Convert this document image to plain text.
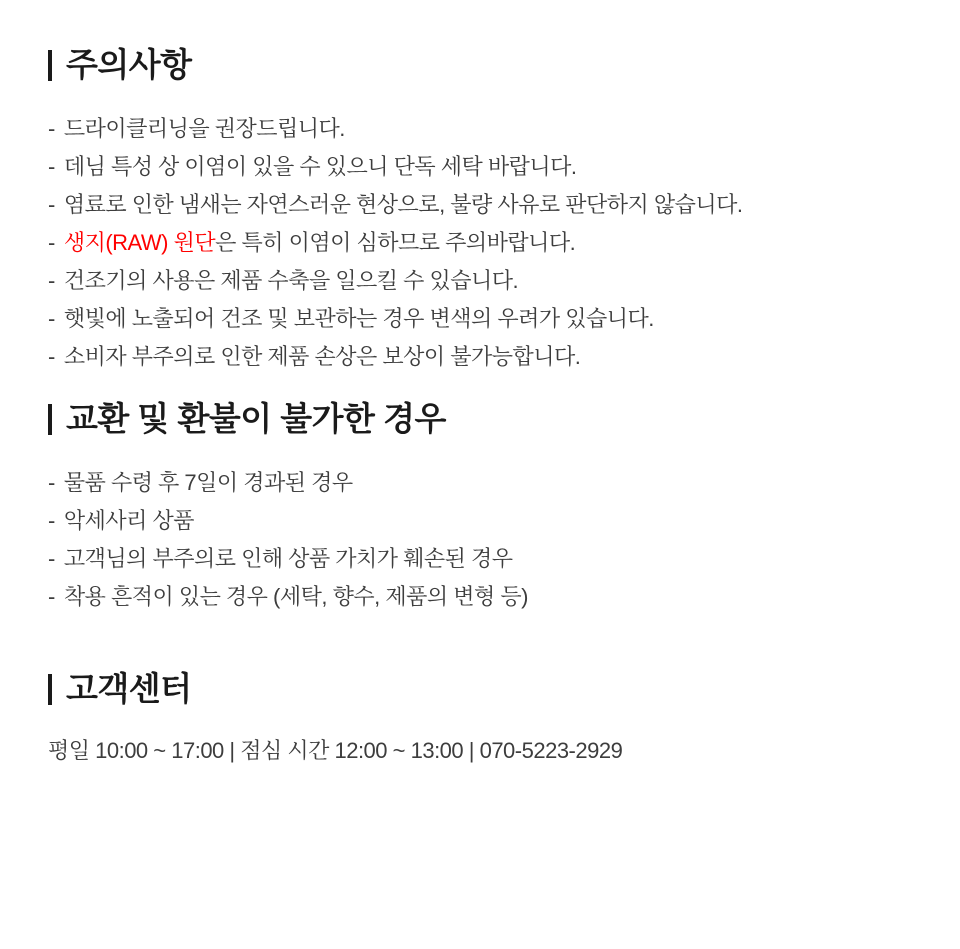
주의사항
- 드라이클리닝을 권장드립니다.
- 데님 특성 상 이염이 있을 수 있으니 단독 세탁 바랍니다.
- 염료로 인한 냄새는 자연스러운 현상으로, 불량 사유로 판단하지 않습니다.
- 생지(RAW) 원단은 특히 이염이 심하므로 주의바랍니다.
- 건조기의 사용은 제품 수축을 일으킬 수 있습니다.
- 햇빛에 노출되어 건조 및 보관하는 경우 변색의 우려가 있습니다.
- 소비자 부주의로 인한 제품 손상은 보상이 불가능합니다.
교환 및 환불이 불가한 경우
- 물품 수령 후 7일이 경과된 경우
- 악세사리 상품
- 고객님의 부주의로 인해 상품 가치가 훼손된 경우
- 착용 흔적이 있는 경우 (세탁, 향수, 제품의 변형 등)
고객센터

평일 10:00 ~ 17:00 | 점심 시간 12:00 ~ 13:00 | 070-5223-2929
